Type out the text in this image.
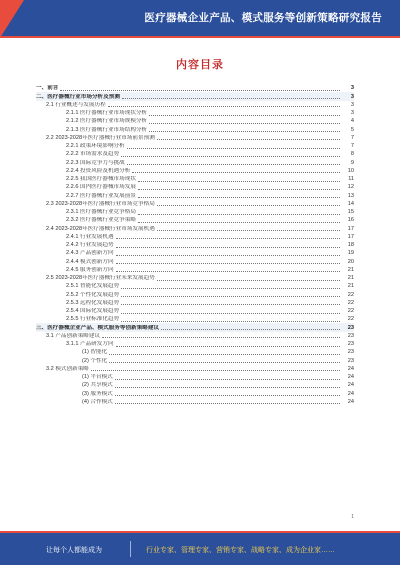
医疗器械企业产品、模式服务等创新策略研究报告
内容目录
一、前言	3
二、医疗器械行业市场分析及预测	3
2.1 行业概述与发展历程	3
2.1.1 医疗器械行业市场现状分析	3
2.1.2 医疗器械行业市场规模分析	4
2.1.3 医疗器械行业市场结构分析	5
2.2 2023-2028年医疗器械行业市场前景预测	7
2.2.1 政策环境影响分析	7
2.2.2 市场需求及趋势	8
2.2.3 国际竞争力与挑战	9
2.2.4 投资风险及机遇分析	10
2.2.5 我国医疗器械市场现状	11
2.2.6 国内医疗器械市场发展	12
2.2.7 医疗器械行业发展前景	13
2.3 2023-2028年医疗器械行业市场竞争格局	14
2.3.1 医疗器械行业竞争格局	15
2.3.2 医疗器械行业竞争策略	16
2.4 2023-2028年医疗器械行业市场发展机遇	17
2.4.1 行业发展机遇	17
2.4.2 行业发展趋势	18
2.4.3 产品创新方向	19
2.4.4 模式创新方向	20
2.4.5 服务创新方向	21
2.5 2023-2028年医疗器械行业未来发展趋势	21
2.5.1 智能化发展趋势	21
2.5.2 个性化发展趋势	22
2.5.3 远程化发展趋势	22
2.5.4 国际化发展趋势	22
2.5.5 行业标准化趋势	22
三、医疗器械企业产品、模式服务等创新策略建议	23
3.1 产品创新策略建议	23
3.1.1 产品研发方向	23
(1) 智能化	23
(2) 个性化	23
3.2 模式创新策略	24
(1) 平台模式	24
(2) 共享模式	24
(3) 服务模式	24
(4) 合作模式	24
1
让每个人都能成为	行业专家、管理专家、营销专家、战略专家、成为企业家……
